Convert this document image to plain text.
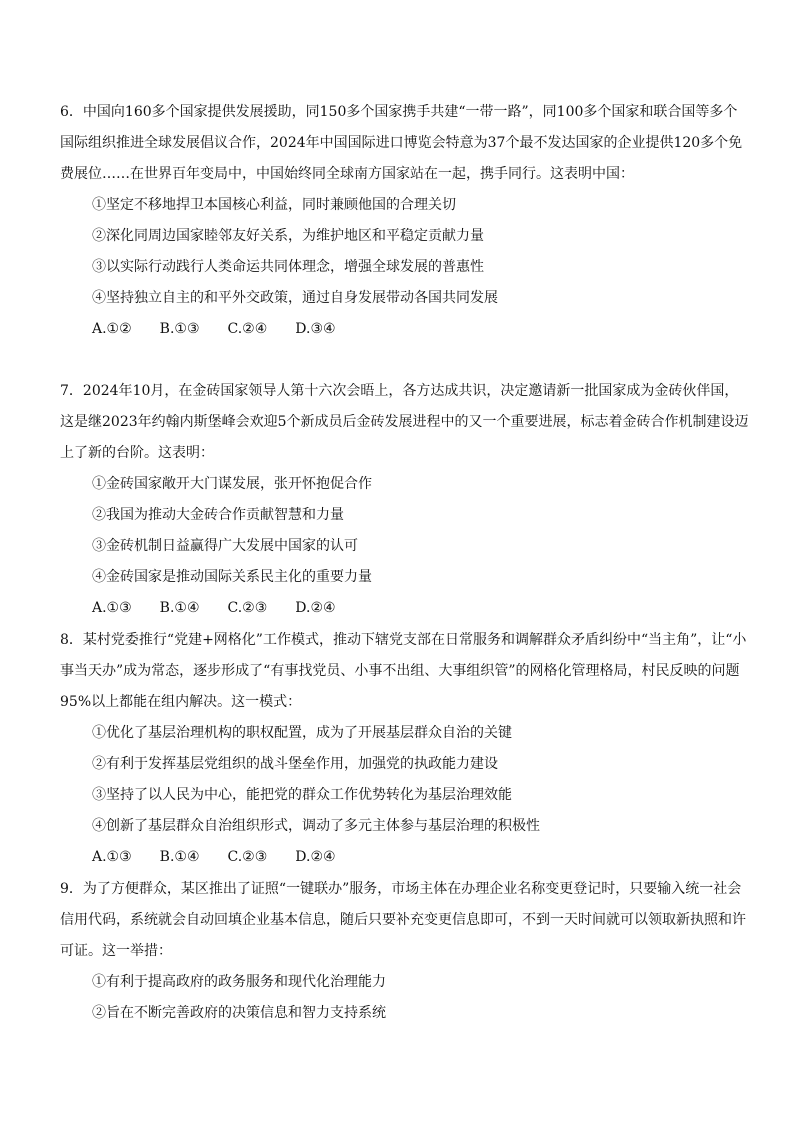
6．中国向160多个国家提供发展援助，同150多个国家携手共建“一带一路”，同100多个国家和联合国等多个国际组织推进全球发展倡议合作，2024年中国国际进口博览会特意为37个最不发达国家的企业提供120多个免费展位……在世界百年变局中，中国始终同全球南方国家站在一起，携手同行。这表明中国：
①坚定不移地捍卫本国核心利益，同时兼顾他国的合理关切
②深化同周边国家睦邻友好关系，为维护地区和平稳定贡献力量
③以实际行动践行人类命运共同体理念，增强全球发展的普惠性
④坚持独立自主的和平外交政策，通过自身发展带动各国共同发展
A.①② B.①③ C.②④ D.③④
7．2024年10月，在金砖国家领导人第十六次会晤上，各方达成共识，决定邀请新一批国家成为金砖伙伴国，这是继2023年约翰内斯堡峰会欢迎5个新成员后金砖发展进程中的又一个重要进展，标志着金砖合作机制建设迈上了新的台阶。这表明：
①金砖国家敞开大门谋发展，张开怀抱促合作
②我国为推动大金砖合作贡献智慧和力量
③金砖机制日益赢得广大发展中国家的认可
④金砖国家是推动国际关系民主化的重要力量
A.①③ B.①④ C.②③ D.②④
8．某村党委推行“党建+网格化”工作模式，推动下辖党支部在日常服务和调解群众矛盾纠纷中“当主角”，让“小事当天办”成为常态，逐步形成了“有事找党员、小事不出组、大事组织管”的网格化管理格局，村民反映的问题95%以上都能在组内解决。这一模式：
①优化了基层治理机构的职权配置，成为了开展基层群众自治的关键
②有利于发挥基层党组织的战斗堡垒作用，加强党的执政能力建设
③坚持了以人民为中心，能把党的群众工作优势转化为基层治理效能
④创新了基层群众自治组织形式，调动了多元主体参与基层治理的积极性
A.①③ B.①④ C.②③ D.②④
9．为了方便群众，某区推出了证照“一键联办”服务，市场主体在办理企业名称变更登记时，只要输入统一社会信用代码，系统就会自动回填企业基本信息，随后只要补充变更信息即可，不到一天时间就可以领取新执照和许可证。这一举措：
①有利于提高政府的政务服务和现代化治理能力
②旨在不断完善政府的决策信息和智力支持系统
